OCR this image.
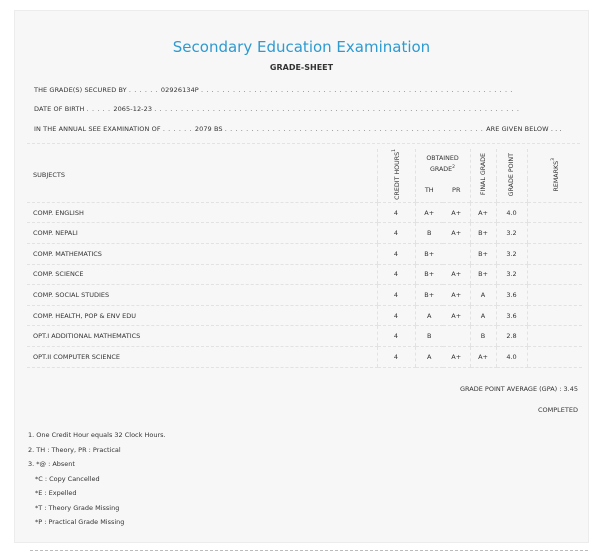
Secondary Education Examination
GRADE-SHEET
THE GRADE(S) SECURED BY . . . . . . 02926134P . . . . . . . . . . . . . . . . . . . . . . . . . . . . . . . . . . . . . . . . . . . . . . . . . . . . . . . . . . .
DATE OF BIRTH . . . . . 2065-12-23 . . . . . . . . . . . . . . . . . . . . . . . . . . . . . . . . . . . . . . . . . . . . . . . . . . . . . . . . . . . . . . . . . . . . .
IN THE ANNUAL SEE EXAMINATION OF . . . . . . 2079 BS . . . . . . . . . . . . . . . . . . . . . . . . . . . . . . . . . . . . . . . . . . . . . . . . . ARE GIVEN BELOW . . .
SUBJECTS	CREDIT HOURS$^1$	OBTAINED GRADE$^2$		FINAL GRADE	GRADE POINT	REMARKS$^3$
		TH	PR			
COMP. ENGLISH	4	A+	A+	A+	4.0	
COMP. NEPALI	4	B	A+	B+	3.2	
COMP. MATHEMATICS	4	B+		B+	3.2	
COMP. SCIENCE	4	B+	A+	B+	3.2	
COMP. SOCIAL STUDIES	4	B+	A+	A	3.6	
COMP. HEALTH, POP & ENV EDU	4	A	A+	A	3.6	
OPT.I ADDITIONAL MATHEMATICS	4	B		B	2.8	
OPT.II COMPUTER SCIENCE	4	A	A+	A+	4.0	
GRADE POINT AVERAGE (GPA) : 3.45
COMPLETED
1. One Credit Hour equals 32 Clock Hours.
2. TH : Theory, PR : Practical
3. *@ : Absent
*C : Copy Cancelled
*E : Expelled
*T : Theory Grade Missing
*P : Practical Grade Missing
